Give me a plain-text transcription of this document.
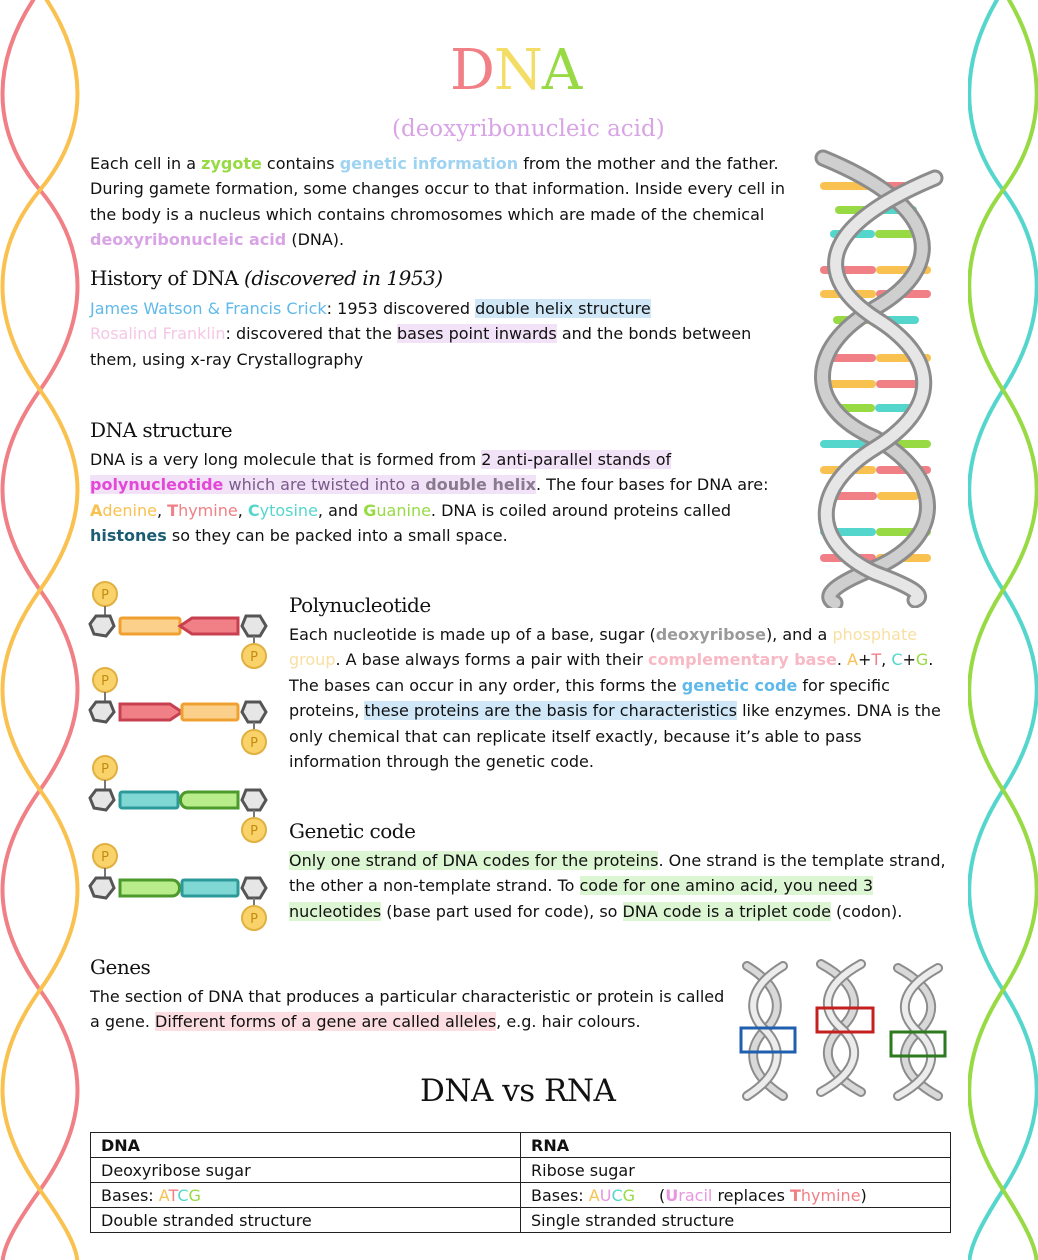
DNA
(deoxyribonucleic acid)

Each cell in a zygote contains genetic information from the mother and the father. During gamete formation, some changes occur to that information. Inside every cell in the body is a nucleus which contains chromosomes which are made of the chemical deoxyribonucleic acid (DNA).

History of DNA (discovered in 1953)

James Watson & Francis Crick: 1953 discovered double helix structure
Rosalind Franklin: discovered that the bases point inwards and the bonds between them, using x-ray Crystallography

DNA structure

DNA is a very long molecule that is formed from 2 anti-parallel stands of polynucleotide which are twisted into a double helix. The four bases for DNA are: Adenine, Thymine, Cytosine, and Guanine. DNA is coiled around proteins called histones so they can be packed into a small space.

P
P
P
P
P
P
P
P
Polynucleotide

Each nucleotide is made up of a base, sugar (deoxyribose), and a phosphate group. A base always forms a pair with their complementary base. A+T, C+G. The bases can occur in any order, this forms the genetic code for specific proteins, these proteins are the basis for characteristics like enzymes. DNA is the only chemical that can replicate itself exactly, because it’s able to pass information through the genetic code.

Genetic code

Only one strand of DNA codes for the proteins. One strand is the template strand, the other a non-template strand. To code for one amino acid, you need 3 nucleotides (base part used for code), so DNA code is a triplet code (codon).

Genes

The section of DNA that produces a particular characteristic or protein is called a gene. Different forms of a gene are called alleles, e.g. hair colours.

DNA vs RNA
DNA	RNA
Deoxyribose sugar	Ribose sugar
Bases: ATCG	Bases: AUCG (Uracil replaces Thymine)
Double stranded structure	Single stranded structure
